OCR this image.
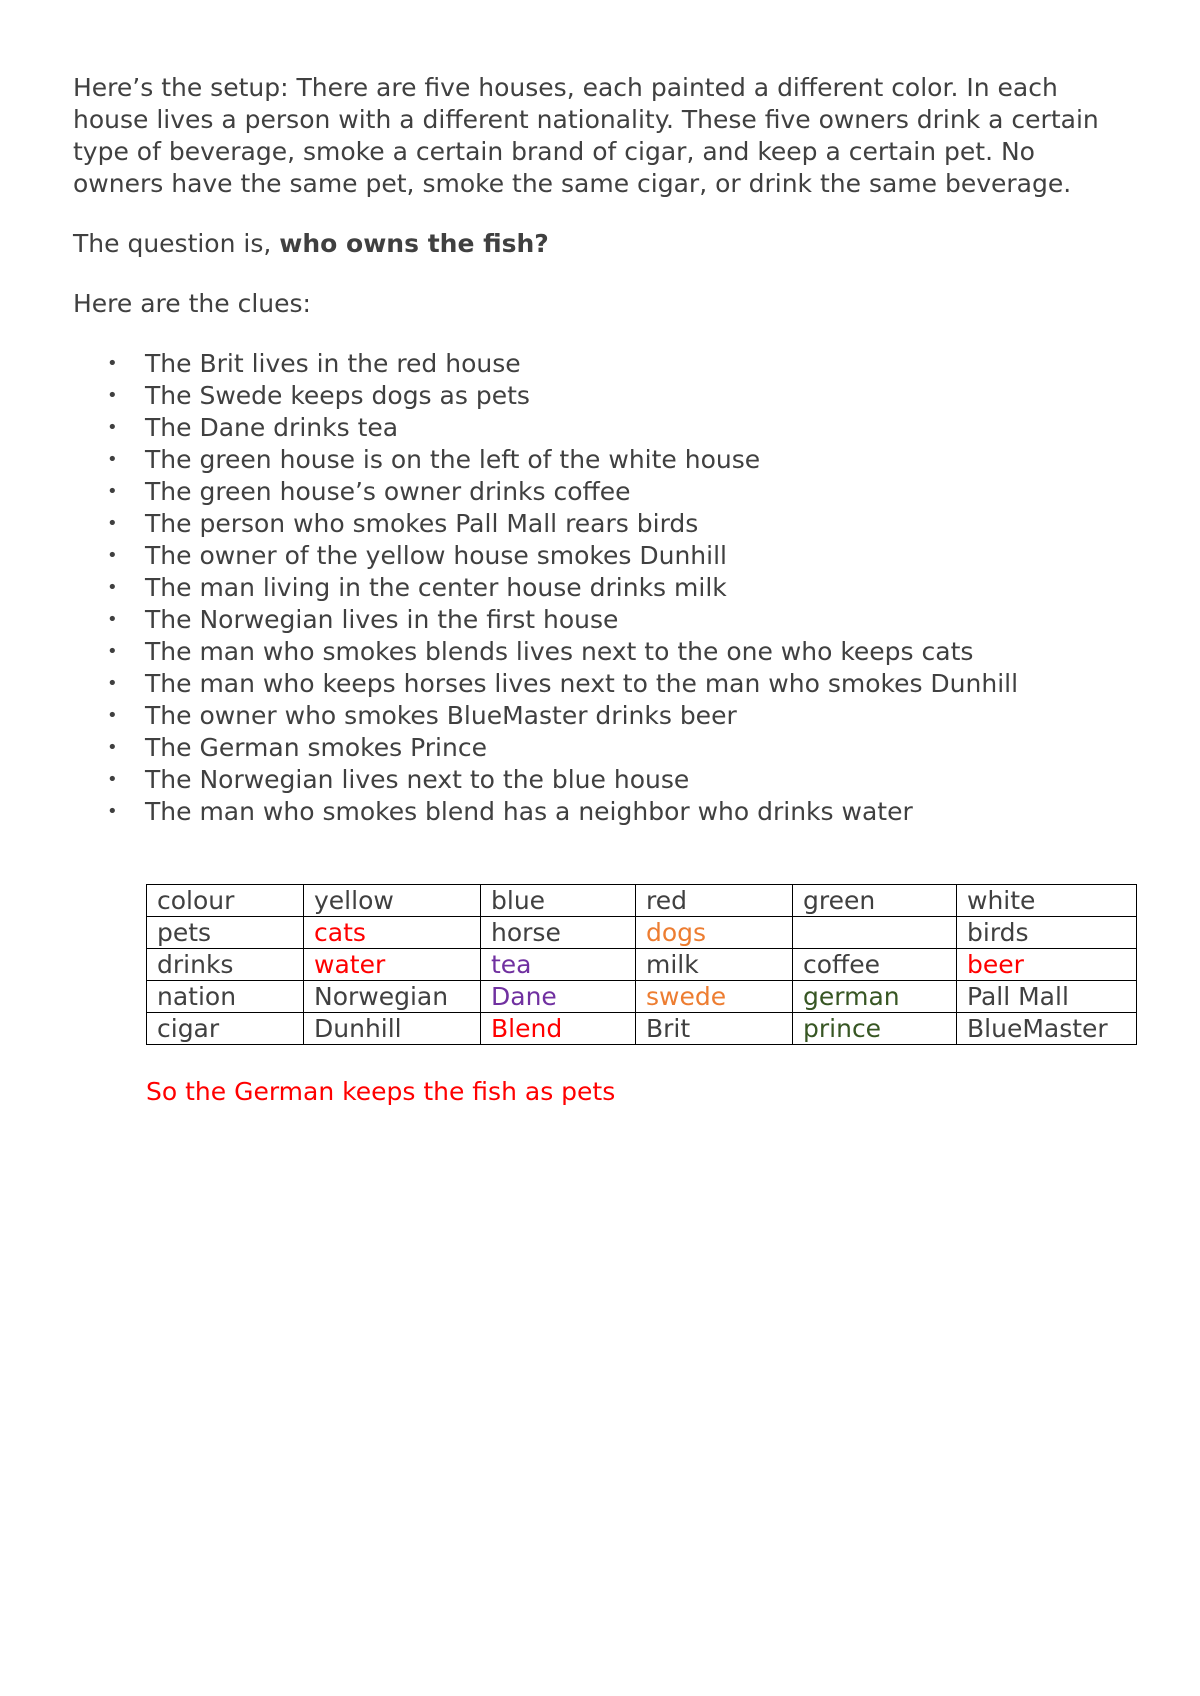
Here’s the setup: There are five houses, each painted a different color. In each house lives a person with a different nationality. These five owners drink a certain type of beverage, smoke a certain brand of cigar, and keep a certain pet. No owners have the same pet, smoke the same cigar, or drink the same beverage.

The question is, who owns the fish?

Here are the clues:

• The Brit lives in the red house
• The Swede keeps dogs as pets
• The Dane drinks tea
• The green house is on the left of the white house
• The green house’s owner drinks coffee
• The person who smokes Pall Mall rears birds
• The owner of the yellow house smokes Dunhill
• The man living in the center house drinks milk
• The Norwegian lives in the first house
• The man who smokes blends lives next to the one who keeps cats
• The man who keeps horses lives next to the man who smokes Dunhill
• The owner who smokes BlueMaster drinks beer
• The German smokes Prince
• The Norwegian lives next to the blue house
• The man who smokes blend has a neighbor who drinks water
colour	yellow	blue	red	green	white
pets	cats	horse	dogs		birds
drinks	water	tea	milk	coffee	beer
nation	Norwegian	Dane	swede	german	Pall Mall
cigar	Dunhill	Blend	Brit	prince	BlueMaster

So the German keeps the fish as pets
